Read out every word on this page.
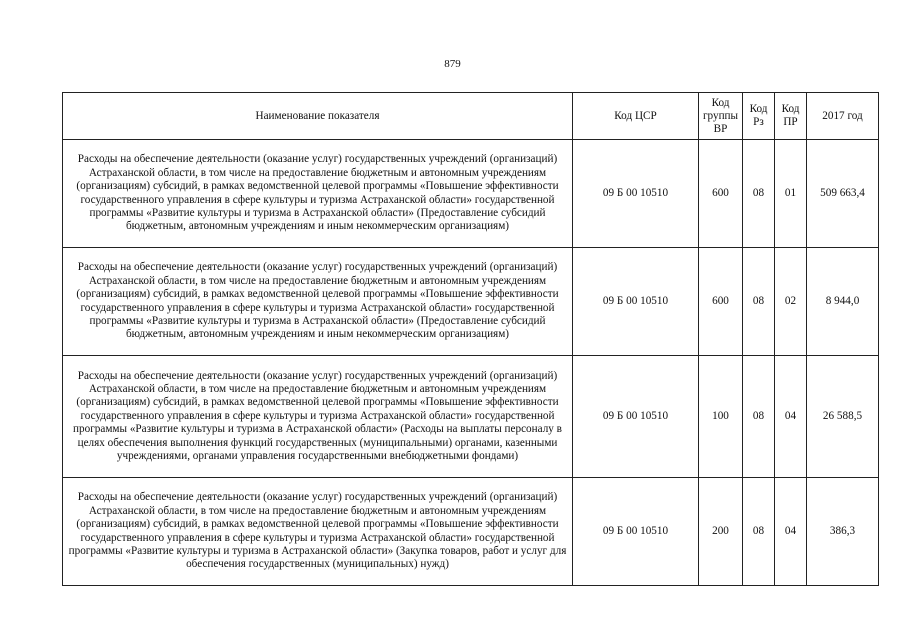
879
Наименование показателя	Код ЦСР	Код группы ВР	Код Рз	Код ПР	2017 год
Расходы на обеспечение деятельности (оказание услуг) государственных учреждений (организаций) Астраханской области, в том числе на предоставление бюджетным и автономным учреждениям (организациям) субсидий, в рамках ведомственной целевой программы «Повышение эффективности государственного управления в сфере культуры и туризма Астраханской области» государственной программы «Развитие культуры и туризма в Астраханской области» (Предоставление субсидий бюджетным, автономным учреждениям и иным некоммерческим организациям)	09 Б 00 10510	600	08	01	509 663,4
Расходы на обеспечение деятельности (оказание услуг) государственных учреждений (организаций) Астраханской области, в том числе на предоставление бюджетным и автономным учреждениям (организациям) субсидий, в рамках ведомственной целевой программы «Повышение эффективности государственного управления в сфере культуры и туризма Астраханской области» государственной программы «Развитие культуры и туризма в Астраханской области» (Предоставление субсидий бюджетным, автономным учреждениям и иным некоммерческим организациям)	09 Б 00 10510	600	08	02	8 944,0
Расходы на обеспечение деятельности (оказание услуг) государственных учреждений (организаций) Астраханской области, в том числе на предоставление бюджетным и автономным учреждениям (организациям) субсидий, в рамках ведомственной целевой программы «Повышение эффективности государственного управления в сфере культуры и туризма Астраханской области» государственной программы «Развитие культуры и туризма в Астраханской области» (Расходы на выплаты персоналу в целях обеспечения выполнения функций государственных (муниципальными) органами, казенными учреждениями, органами управления государственными внебюджетными фондами)	09 Б 00 10510	100	08	04	26 588,5
Расходы на обеспечение деятельности (оказание услуг) государственных учреждений (организаций) Астраханской области, в том числе на предоставление бюджетным и автономным учреждениям (организациям) субсидий, в рамках ведомственной целевой программы «Повышение эффективности государственного управления в сфере культуры и туризма Астраханской области» государственной программы «Развитие культуры и туризма в Астраханской области» (Закупка товаров, работ и услуг для обеспечения государственных (муниципальных) нужд)	09 Б 00 10510	200	08	04	386,3
